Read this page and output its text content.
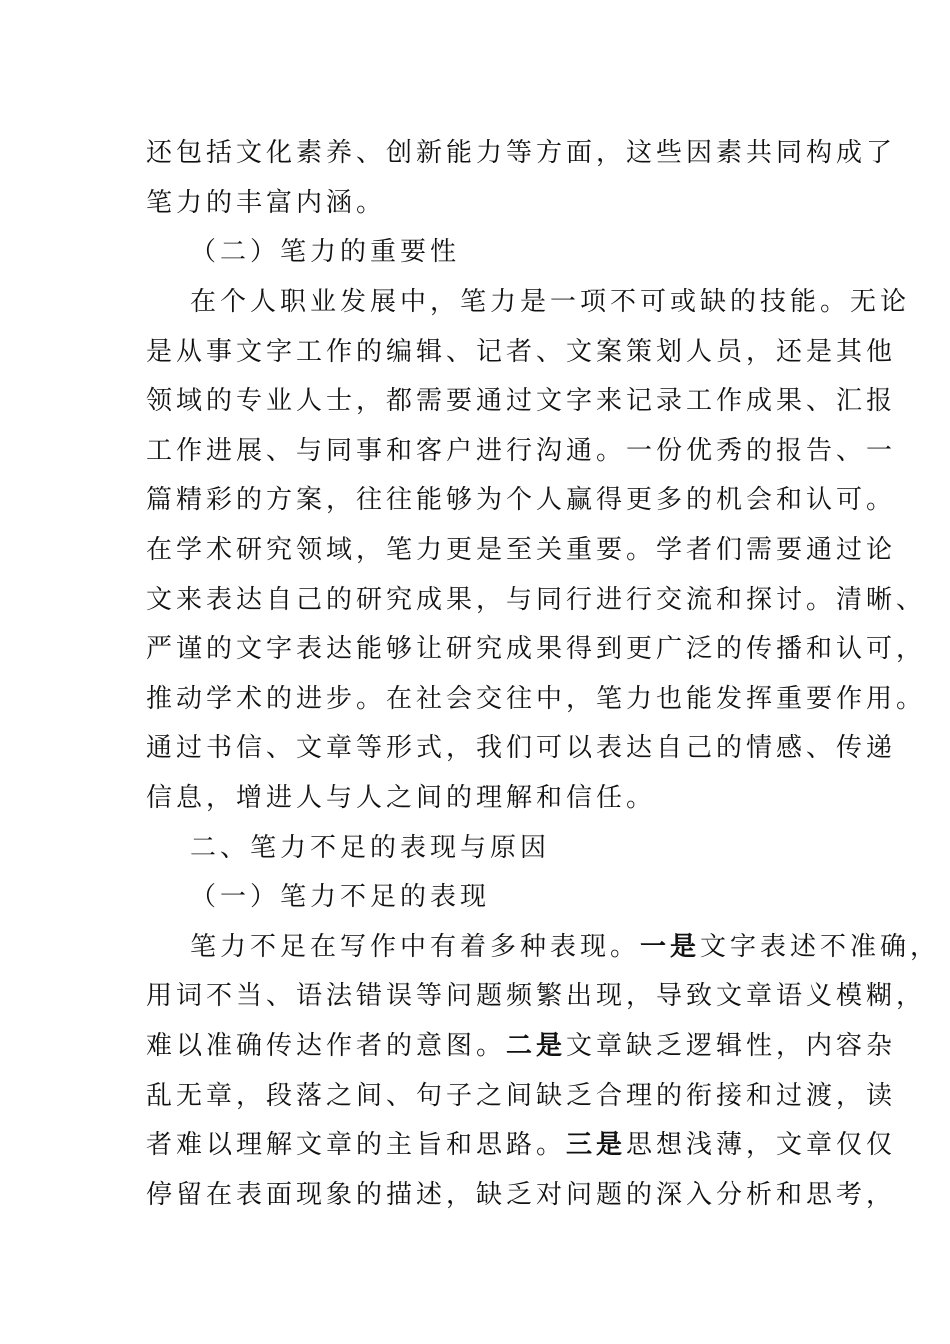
还包括文化素养、创新能力等方面，这些因素共同构成了
笔力的丰富内涵。
（二）笔力的重要性
在个人职业发展中，笔力是一项不可或缺的技能。无论
是从事文字工作的编辑、记者、文案策划人员，还是其他
领域的专业人士，都需要通过文字来记录工作成果、汇报
工作进展、与同事和客户进行沟通。一份优秀的报告、一
篇精彩的方案，往往能够为个人赢得更多的机会和认可。
在学术研究领域，笔力更是至关重要。学者们需要通过论
文来表达自己的研究成果，与同行进行交流和探讨。清晰、
严谨的文字表达能够让研究成果得到更广泛的传播和认可，
推动学术的进步。在社会交往中，笔力也能发挥重要作用。
通过书信、文章等形式，我们可以表达自己的情感、传递
信息，增进人与人之间的理解和信任。
二、笔力不足的表现与原因
（一）笔力不足的表现
笔力不足在写作中有着多种表现。一是文字表述不准确，
用词不当、语法错误等问题频繁出现，导致文章语义模糊，
难以准确传达作者的意图。二是文章缺乏逻辑性，内容杂
乱无章，段落之间、句子之间缺乏合理的衔接和过渡，读
者难以理解文章的主旨和思路。三是思想浅薄，文章仅仅
停留在表面现象的描述，缺乏对问题的深入分析和思考，
